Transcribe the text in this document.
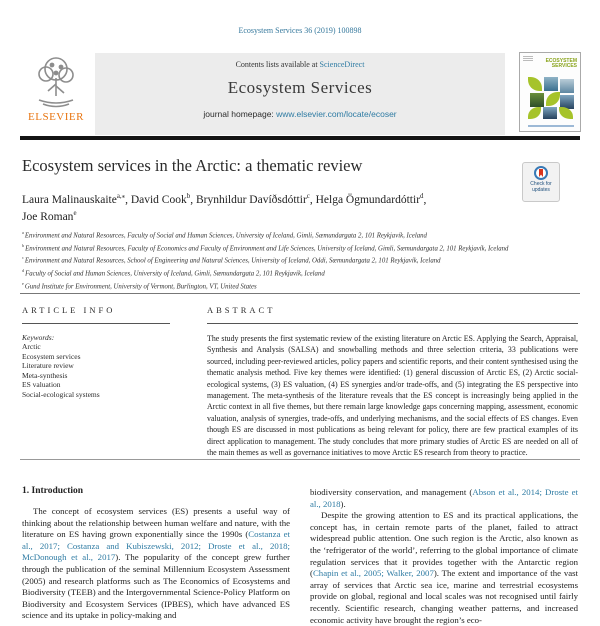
Ecosystem Services 36 (2019) 100898
ELSEVIER
Contents lists available at ScienceDirect
Ecosystem Services
journal homepage: www.elsevier.com/locate/ecoser
ECOSYSTEM
SERVICES
Ecosystem services in the Arctic: a thematic review
Check for
updates
Laura Malinauskaite$^{a,⁎}$, David Cook$^b$, Brynhildur Davíðsdóttir$^c$, Helga Ögmundardóttir$^d$,
Joe Roman$^e$
$^a$ Environment and Natural Resources, Faculty of Social and Human Sciences, University of Iceland, Gimli, Sæmundargata 2, 101 Reykjavík, Iceland
$^b$ Environment and Natural Resources, Faculty of Economics and Faculty of Environment and Life Sciences, University of Iceland, Gimli, Sæmundargata 2, 101 Reykjavík, Iceland
$^c$ Environment and Natural Resources, School of Engineering and Natural Sciences, University of Iceland, Oddi, Sæmundargata 2, 101 Reykjavík, Iceland
$^d$ Faculty of Social and Human Sciences, University of Iceland, Gimli, Sæmundargata 2, 101 Reykjavík, Iceland
$^e$ Gund Institute for Environment, University of Vermont, Burlington, VT, United States
ARTICLE INFO
Keywords:
Arctic
Ecosystem services
Literature review
Meta-synthesis
ES valuation
Social-ecological systems
ABSTRACT
The study presents the first systematic review of the existing literature on Arctic ES. Applying the Search, Appraisal, Synthesis and Analysis (SALSA) and snowballing methods and three selection criteria, 33 publications were sourced, including peer-reviewed articles, policy papers and scientific reports, and their content synthesised using the thematic analysis method. Five key themes were identified: (1) general discussion of Arctic ES, (2) Arctic social-ecological systems, (3) ES valuation, (4) ES synergies and/or trade-offs, and (5) integrating the ES perspective into management. The meta-synthesis of the literature reveals that the ES concept is increasingly being applied in the Arctic context in all five themes, but there remain large knowledge gaps concerning mapping, assessment, economic valuation, analysis of synergies, trade-offs, and underlying mechanisms, and the social effects of ES changes. Even though ES are discussed in most publications as being relevant for policy, there are few practical examples of its direct application to management. The study concludes that more primary studies of Arctic ES are needed on all of the main themes as well as governance initiatives to move Arctic ES research from theory to practice.
1. Introduction
The concept of ecosystem services (ES) presents a useful way of thinking about the relationship between human welfare and nature, with the literature on ES having grown exponentially since the 1990s (Costanza et al., 2017; Costanza and Kubiszewski, 2012; Droste et al., 2018; McDonough et al., 2017). The popularity of the concept grew further through the publication of the seminal Millennium Ecosystem Assessment (2005) and research platforms such as The Economics of Ecosystems and Biodiversity (TEEB) and the Intergovernmental Science-Policy Platform on Biodiversity and Ecosystem Services (IPBES), which have advanced ES science and its uptake in policy-making and
biodiversity conservation, and management (Abson et al., 2014; Droste et al., 2018).
Despite the growing attention to ES and its practical applications, the concept has, in certain remote parts of the planet, failed to attract widespread public attention. One such region is the Arctic, also known as the ‘refrigerator of the world’, referring to the global importance of climate regulation services that it provides together with the Antarctic region (Chapin et al., 2005; Walker, 2007). The extent and importance of the vast array of services that Arctic sea ice, marine and terrestrial ecosystems provide on global, regional and local scales was not recognised until fairly recently. Scientific research, changing weather patterns, and increased economic activity have brought the region’s eco-
